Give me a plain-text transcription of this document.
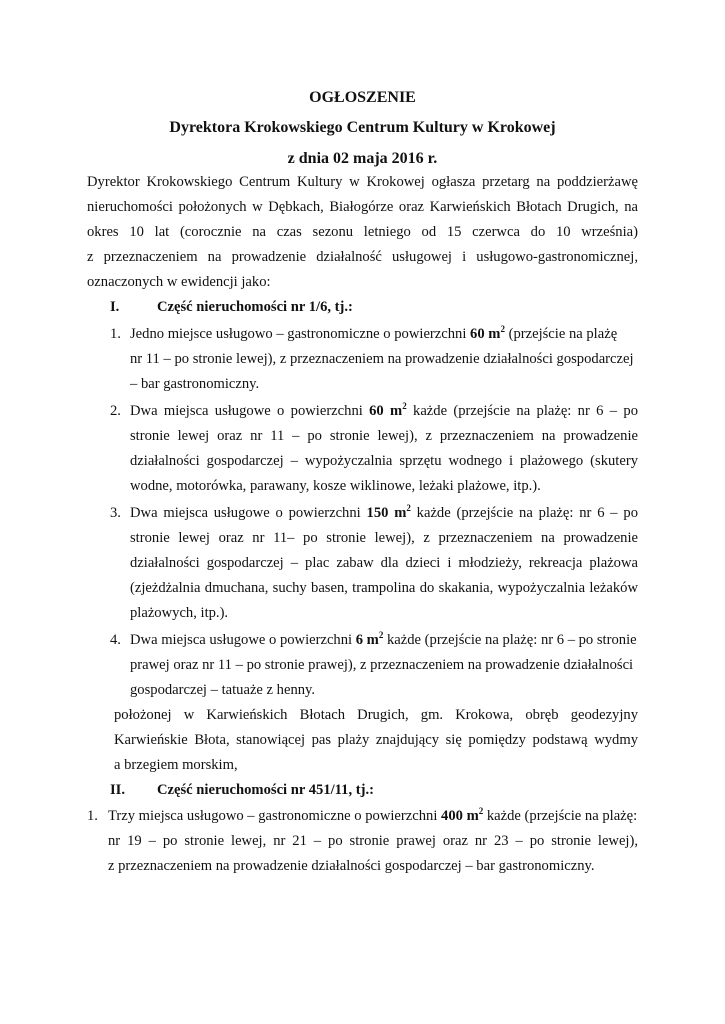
OGŁOSZENIE
Dyrektora Krokowskiego Centrum Kultury w Krokowej
z dnia 02 maja 2016 r.
Dyrektor Krokowskiego Centrum Kultury w Krokowej ogłasza przetarg na poddzierżawę
nieruchomości położonych w Dębkach, Białogórze oraz Karwieńskich Błotach Drugich, na
okres 10 lat (corocznie na czas sezonu letniego od 15 czerwca do 10 września)
z przeznaczeniem na prowadzenie działalność usługowej i usługowo-gastronomicznej,
oznaczonych w ewidencji jako:
I.	Część nieruchomości nr 1/6, tj.:
1. Jedno miejsce usługowo – gastronomiczne o powierzchni 60 $m^2$ (przejście na plażę
nr 11 – po stronie lewej), z przeznaczeniem na prowadzenie działalności gospodarczej
– bar gastronomiczny.
2. Dwa miejsca usługowe o powierzchni 60 $m^2$ każde (przejście na plażę: nr 6 – po
stronie lewej oraz nr 11 – po stronie lewej), z przeznaczeniem na prowadzenie
działalności gospodarczej – wypożyczalnia sprzętu wodnego i plażowego (skutery
wodne, motorówka, parawany, kosze wiklinowe, leżaki plażowe, itp.).
3. Dwa miejsca usługowe o powierzchni 150 $m^2$ każde (przejście na plażę: nr 6 – po
stronie lewej oraz nr 11– po stronie lewej), z przeznaczeniem na prowadzenie
działalności gospodarczej – plac zabaw dla dzieci i młodzieży, rekreacja plażowa
(zjeżdżalnia dmuchana, suchy basen, trampolina do skakania, wypożyczalnia leżaków
plażowych, itp.).
4. Dwa miejsca usługowe o powierzchni 6 $m^2$ każde (przejście na plażę: nr 6 – po stronie
prawej oraz nr 11 – po stronie prawej), z przeznaczeniem na prowadzenie działalności
gospodarczej – tatuaże z henny.
położonej w Karwieńskich Błotach Drugich, gm. Krokowa, obręb geodezyjny
Karwieńskie Błota, stanowiącej pas plaży znajdujący się pomiędzy podstawą wydmy
a brzegiem morskim,
II. Część nieruchomości nr 451/11, tj.:
1. Trzy miejsca usługowo – gastronomiczne o powierzchni 400 $m^2$ każde (przejście na plażę:
nr 19 – po stronie lewej, nr 21 – po stronie prawej oraz nr 23 – po stronie lewej),
z przeznaczeniem na prowadzenie działalności gospodarczej – bar gastronomiczny.
